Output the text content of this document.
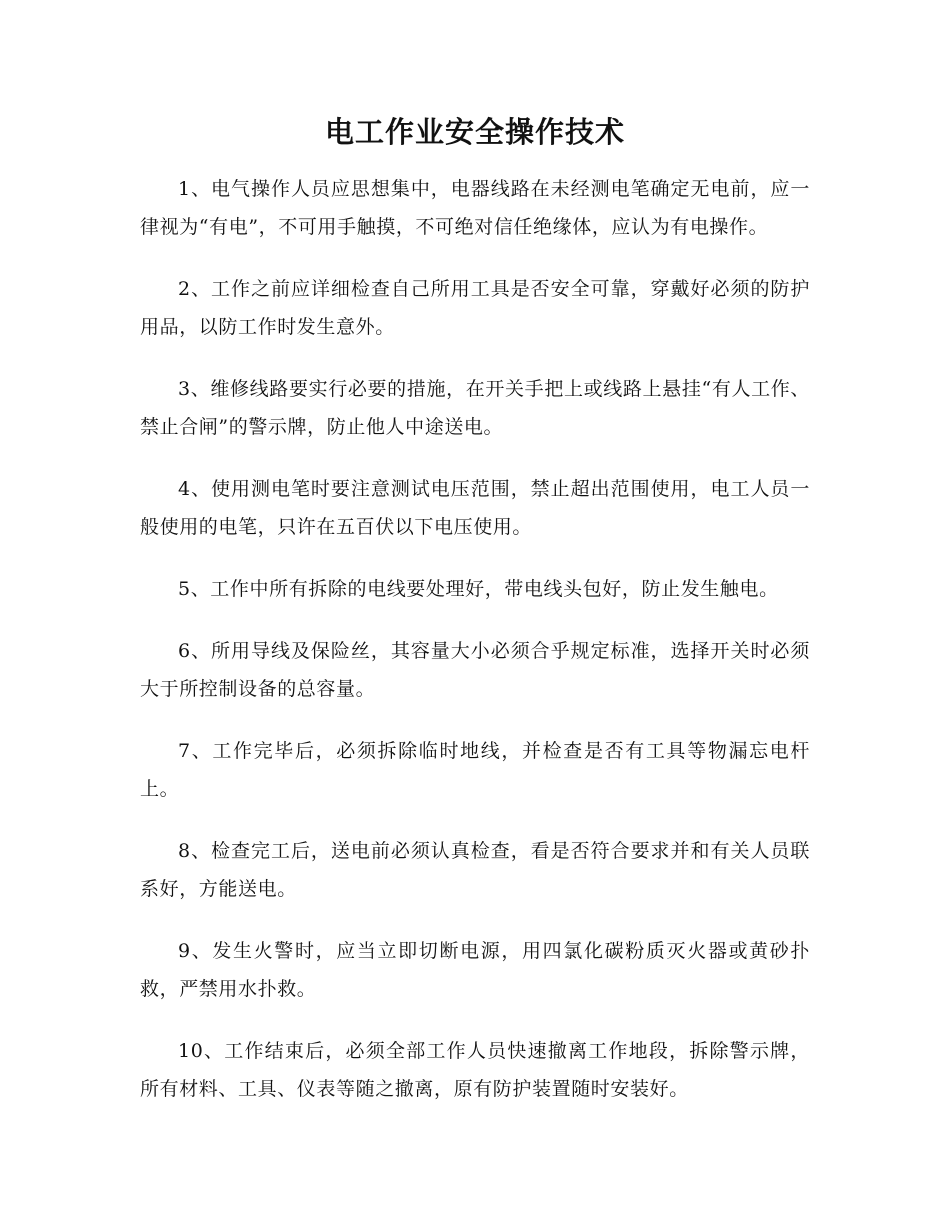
电工作业安全操作技术

1、电气操作人员应思想集中，电器线路在未经测电笔确定无电前，应一律视为“有电”，不可用手触摸，不可绝对信任绝缘体，应认为有电操作。

2、工作之前应详细检查自己所用工具是否安全可靠，穿戴好必须的防护用品，以防工作时发生意外。

3、维修线路要实行必要的措施，在开关手把上或线路上悬挂“有人工作、禁止合闸”的警示牌，防止他人中途送电。

4、使用测电笔时要注意测试电压范围，禁止超出范围使用，电工人员一般使用的电笔，只许在五百伏以下电压使用。

5、工作中所有拆除的电线要处理好，带电线头包好，防止发生触电。

6、所用导线及保险丝，其容量大小必须合乎规定标准，选择开关时必须大于所控制设备的总容量。

7、工作完毕后，必须拆除临时地线，并检查是否有工具等物漏忘电杆上。

8、检查完工后，送电前必须认真检查，看是否符合要求并和有关人员联系好，方能送电。

9、发生火警时，应当立即切断电源，用四氯化碳粉质灭火器或黄砂扑救，严禁用水扑救。

10、工作结束后，必须全部工作人员快速撤离工作地段，拆除警示牌，所有材料、工具、仪表等随之撤离，原有防护装置随时安装好。
